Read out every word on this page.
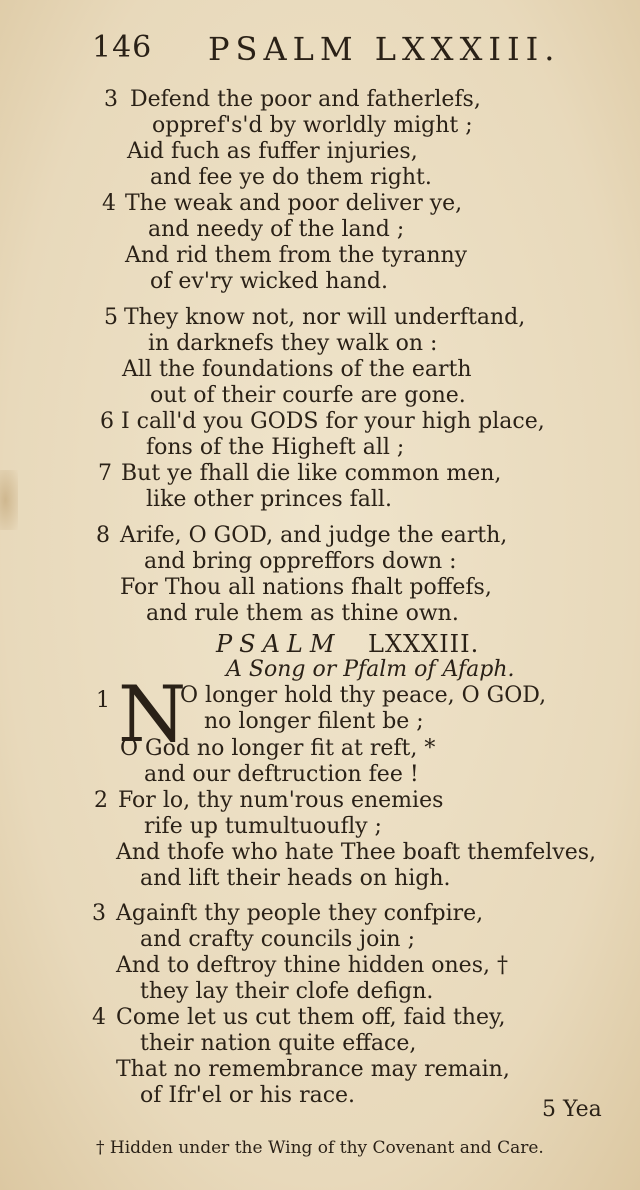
146 PSALM LXXXIII.
3 Defend the poor and fatherlefs,
oppref's'd by worldly might ;
Aid fuch as fuffer injuries,
and fee ye do them right.
4 The weak and poor deliver ye,
and needy of the land ;
And rid them from the tyranny
of ev'ry wicked hand.
5 They know not, nor will underftand,
in darknefs they walk on :
All the foundations of the earth
out of their courfe are gone.
6 I call'd you GODS for your high place,
fons of the Higheft all ;
7 But ye fhall die like common men,
like other princes fall.
8 Arife, O GOD, and judge the earth,
and bring oppreffors down :
For Thou all nations fhalt poffefs,
and rule them as thine own.
PSALM LXXXIII.
A Song or Pfalm of Afaph.
1 N
O longer hold thy peace, O GOD,
no longer filent be ;
O God no longer fit at reft, *
and our deftruction fee !
2 For lo, thy num'rous enemies
rife up tumultuoufly ;
And thofe who hate Thee boaft themfelves,
and lift their heads on high.
3 Againft thy people they confpire,
and crafty councils join ;
And to deftroy thine hidden ones, †
they lay their clofe defign.
4 Come let us cut them off, faid they,
their nation quite efface,
That no remembrance may remain,
of Ifr'el or his race.
5 Yea
† Hidden under the Wing of thy Covenant and Care.
